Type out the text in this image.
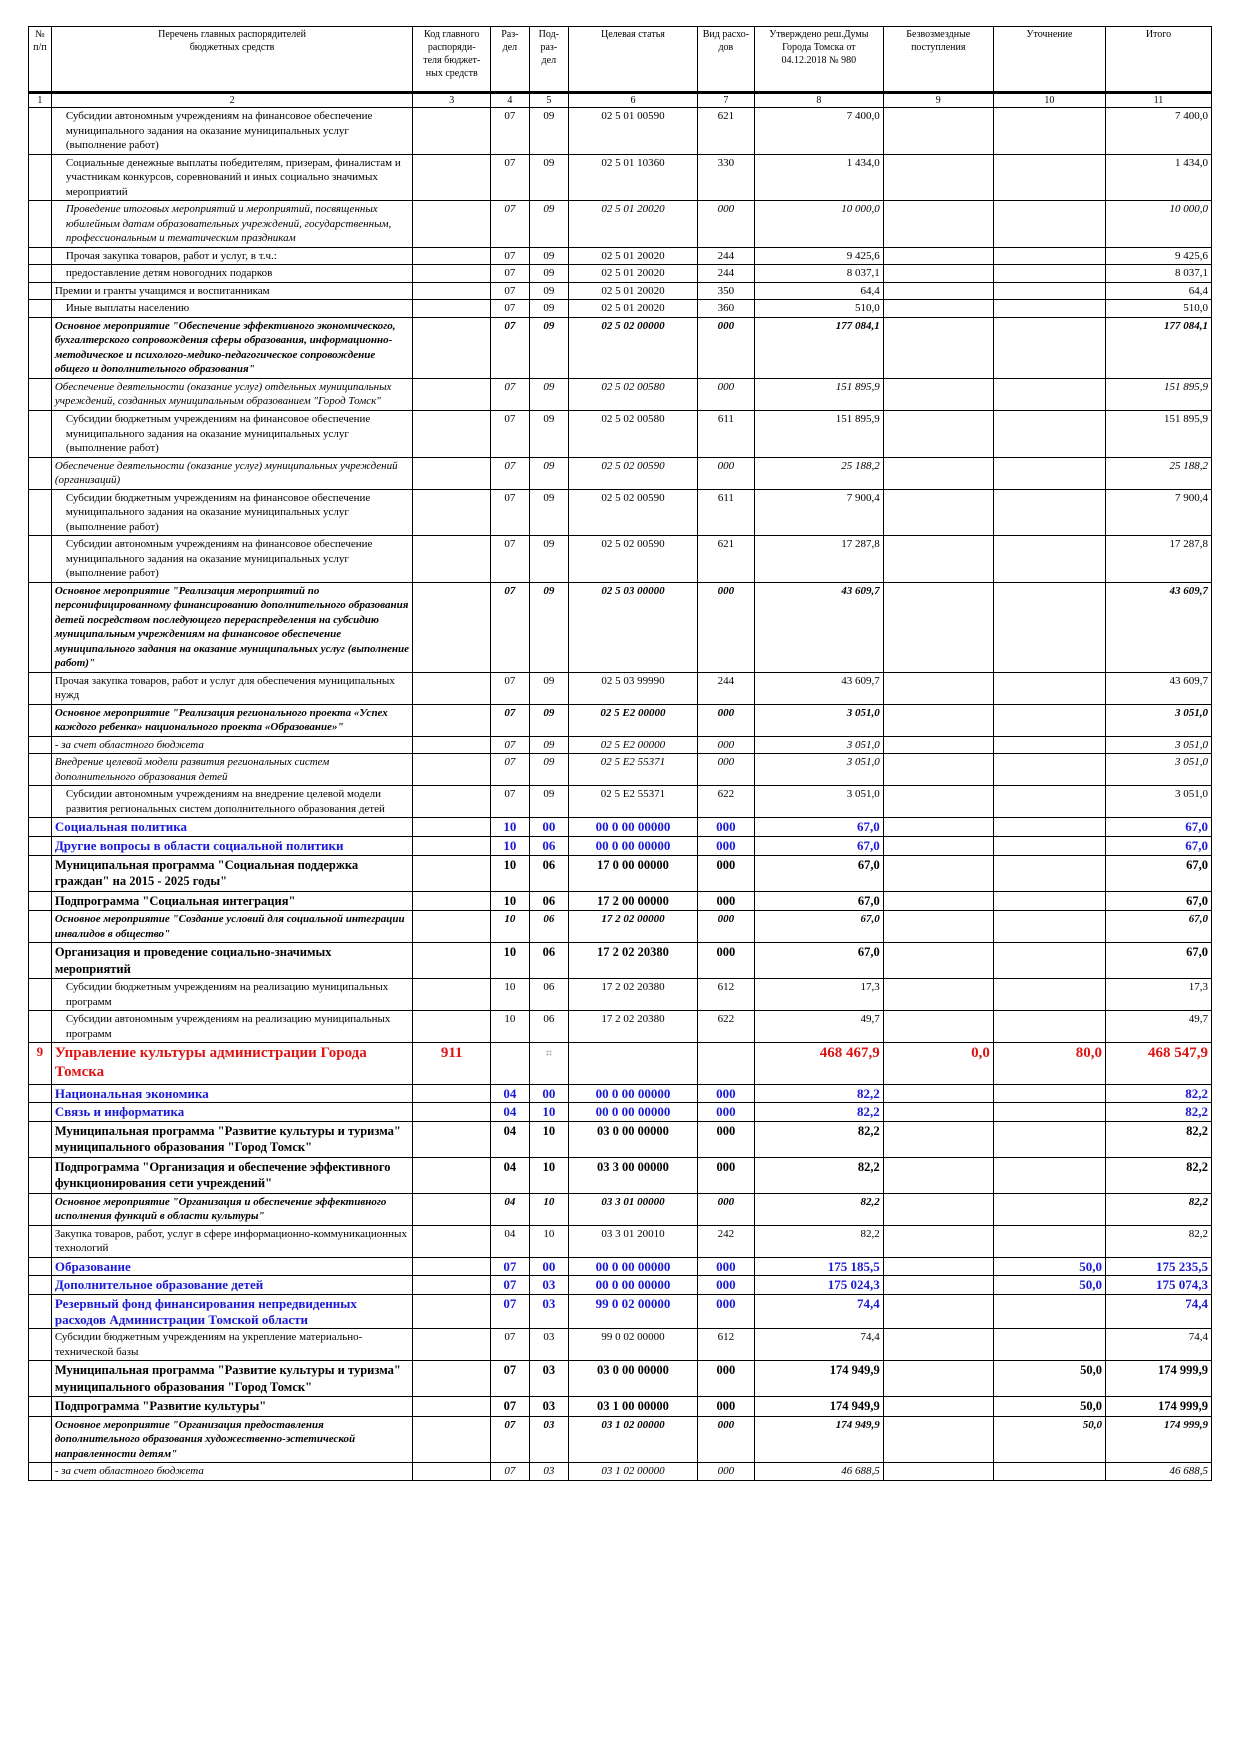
№
п/п	Перечень главных распорядителей
бюджетных средств	Код главного
распоряди-
теля бюджет-
ных средств	Раз-
дел	Под-
раз-
дел	Целевая статья	Вид расхо-
дов	Утверждено реш.Думы
Города Томска от
04.12.2018 № 980	Безвозмездные
поступления	Уточнение	Итого
1	2	3	4	5	6	7	8	9	10	11
	Субсидии автономным учреждениям на финансовое обеспечение муниципального задания на оказание муниципальных услуг (выполнение работ)		07	09	02 5 01 00590	621	7 400,0			7 400,0
	Социальные денежные выплаты победителям, призерам, финалистам и участникам конкурсов, соревнований и иных социально значимых мероприятий		07	09	02 5 01 10360	330	1 434,0			1 434,0
	Проведение итоговых мероприятий и мероприятий, посвященных юбилейным датам образовательных учреждений, государственным, профессиональным и тематическим праздникам		07	09	02 5 01 20020	000	10 000,0			10 000,0
	Прочая закупка товаров, работ и услуг, в т.ч.:		07	09	02 5 01 20020	244	9 425,6			9 425,6
	предоставление детям новогодних подарков		07	09	02 5 01 20020	244	8 037,1			8 037,1
	Премии и гранты учащимся и воспитанникам		07	09	02 5 01 20020	350	64,4			64,4
	Иные выплаты населению		07	09	02 5 01 20020	360	510,0			510,0
	Основное мероприятие "Обеспечение эффективного экономического, бухгалтерского сопровождения сферы образования, информационно-методическое и психолого-медико-педагогическое сопровождение общего и дополнительного образования"		07	09	02 5 02 00000	000	177 084,1			177 084,1
	Обеспечение деятельности (оказание услуг) отдельных муниципальных учреждений, созданных муниципальным образованием "Город Томск"		07	09	02 5 02 00580	000	151 895,9			151 895,9
	Субсидии бюджетным учреждениям на финансовое обеспечение муниципального задания на оказание муниципальных услуг (выполнение работ)		07	09	02 5 02 00580	611	151 895,9			151 895,9
	Обеспечение деятельности (оказание услуг) муниципальных учреждений (организаций)		07	09	02 5 02 00590	000	25 188,2			25 188,2
	Субсидии бюджетным учреждениям на финансовое обеспечение муниципального задания на оказание муниципальных услуг (выполнение работ)		07	09	02 5 02 00590	611	7 900,4			7 900,4
	Субсидии автономным учреждениям на финансовое обеспечение муниципального задания на оказание муниципальных услуг (выполнение работ)		07	09	02 5 02 00590	621	17 287,8			17 287,8
	Основное мероприятие "Реализация мероприятий по персонифицированному финансированию дополнительного образования детей посредством последующего перераспределения на субсидию муниципальным учреждениям на финансовое обеспечение муниципального задания на оказание муниципальных услуг (выполнение работ)"		07	09	02 5 03 00000	000	43 609,7			43 609,7
	Прочая закупка товаров, работ и услуг для обеспечения муниципальных нужд		07	09	02 5 03 99990	244	43 609,7			43 609,7
	Основное мероприятие "Реализация регионального проекта «Успех каждого ребенка» национального проекта «Образование»"		07	09	02 5 E2 00000	000	3 051,0			3 051,0
	- за счет областного бюджета		07	09	02 5 E2 00000	000	3 051,0			3 051,0
	Внедрение целевой модели развития региональных систем дополнительного образования детей		07	09	02 5 E2 55371	000	3 051,0			3 051,0
	Субсидии автономным учреждениям на внедрение целевой модели развития региональных систем дополнительного образования детей		07	09	02 5 E2 55371	622	3 051,0			3 051,0
	Социальная политика		10	00	00 0 00 00000	000	67,0			67,0
	Другие вопросы в области социальной политики		10	06	00 0 00 00000	000	67,0			67,0
	Муниципальная программа "Социальная поддержка граждан" на 2015 - 2025 годы"		10	06	17 0 00 00000	000	67,0			67,0
	Подпрограмма "Социальная интеграция"		10	06	17 2 00 00000	000	67,0			67,0
	Основное мероприятие "Создание условий для социальной интеграции инвалидов в общество"		10	06	17 2 02 00000	000	67,0			67,0
	Организация и проведение социально-значимых мероприятий		10	06	17 2 02 20380	000	67,0			67,0
	Субсидии бюджетным учреждениям на реализацию муниципальных программ		10	06	17 2 02 20380	612	17,3			17,3
	Субсидии автономным учреждениям на реализацию муниципальных программ		10	06	17 2 02 20380	622	49,7			49,7
9	Управление культуры администрации Города Томска	911		⌗			468 467,9	0,0	80,0	468 547,9
	Национальная экономика		04	00	00 0 00 00000	000	82,2			82,2
	Связь и информатика		04	10	00 0 00 00000	000	82,2			82,2
	Муниципальная программа "Развитие культуры и туризма" муниципального образования "Город Томск"		04	10	03 0 00 00000	000	82,2			82,2
	Подпрограмма "Организация и обеспечение эффективного функционирования сети учреждений"		04	10	03 3 00 00000	000	82,2			82,2
	Основное мероприятие "Организация и обеспечение эффективного исполнения функций в области культуры"		04	10	03 3 01 00000	000	82,2			82,2
	Закупка товаров, работ, услуг в сфере информационно-коммуникационных технологий		04	10	03 3 01 20010	242	82,2			82,2
	Образование		07	00	00 0 00 00000	000	175 185,5		50,0	175 235,5
	Дополнительное образование детей		07	03	00 0 00 00000	000	175 024,3		50,0	175 074,3
	Резервный фонд финансирования непредвиденных расходов Администрации Томской области		07	03	99 0 02 00000	000	74,4			74,4
	Субсидии бюджетным учреждениям на укрепление материально-технической базы		07	03	99 0 02 00000	612	74,4			74,4
	Муниципальная программа "Развитие культуры и туризма" муниципального образования "Город Томск"		07	03	03 0 00 00000	000	174 949,9		50,0	174 999,9
	Подпрограмма "Развитие культуры"		07	03	03 1 00 00000	000	174 949,9		50,0	174 999,9
	Основное мероприятие "Организация предоставления дополнительного образования художественно-эстетической направленности детям"		07	03	03 1 02 00000	000	174 949,9		50,0	174 999,9
	- за счет областного бюджета		07	03	03 1 02 00000	000	46 688,5			46 688,5
